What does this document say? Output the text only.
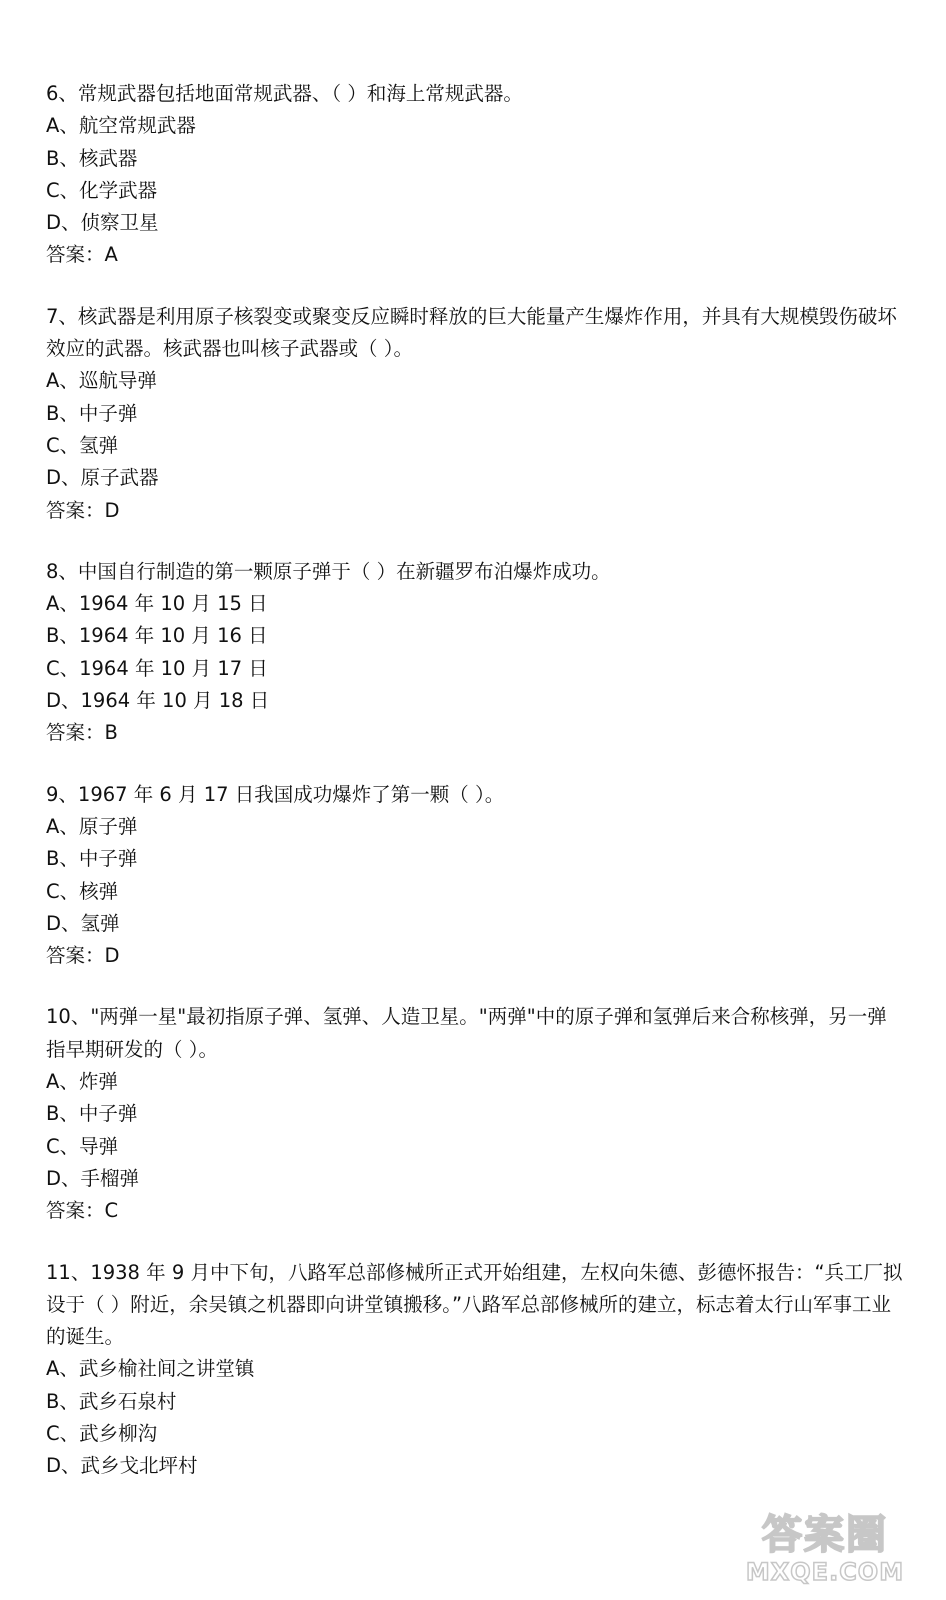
6、常规武器包括地面常规武器、（ ）和海上常规武器。

A、航空常规武器

B、核武器

C、化学武器

D、侦察卫星

答案：A

7、核武器是利用原子核裂变或聚变反应瞬时释放的巨大能量产生爆炸作用，并具有大规模毁伤破坏效应的武器。核武器也叫核子武器或（ ）。

A、巡航导弹

B、中子弹

C、氢弹

D、原子武器

答案：D

8、中国自行制造的第一颗原子弹于（ ）在新疆罗布泊爆炸成功。

A、1964 年 10 月 15 日

B、1964 年 10 月 16 日

C、1964 年 10 月 17 日

D、1964 年 10 月 18 日

答案：B

9、1967 年 6 月 17 日我国成功爆炸了第一颗（ ）。

A、原子弹

B、中子弹

C、核弹

D、氢弹

答案：D

10、"两弹一星"最初指原子弹、氢弹、人造卫星。"两弹"中的原子弹和氢弹后来合称核弹，另一弹指早期研发的（ ）。

A、炸弹

B、中子弹

C、导弹

D、手榴弹

答案：C

11、1938 年 9 月中下旬，八路军总部修械所正式开始组建，左权向朱德、彭德怀报告：“兵工厂拟设于（ ）附近，余吴镇之机器即向讲堂镇搬移。”八路军总部修械所的建立，标志着太行山军事工业的诞生。

A、武乡榆社间之讲堂镇

B、武乡石泉村

C、武乡柳沟

D、武乡戈北坪村

答案圈
MXQE.COM
